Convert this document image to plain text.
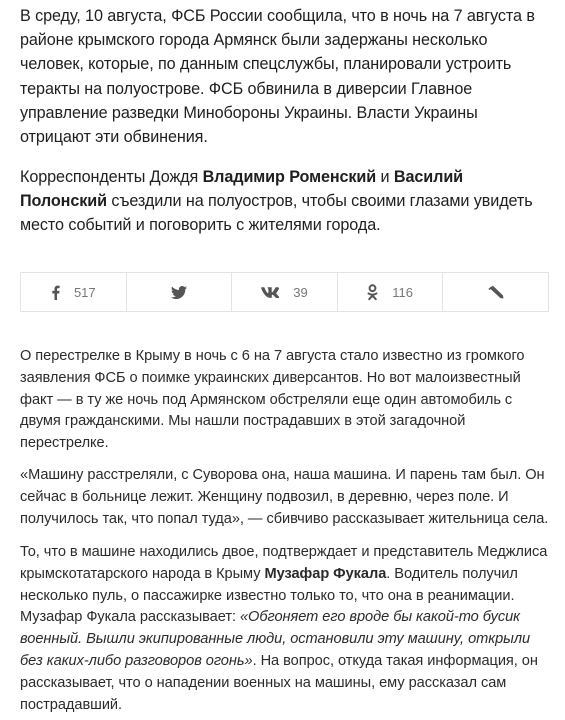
В среду, 10 августа, ФСБ России сообщила, что в ночь на 7 августа в районе крымского города Армянск были задержаны несколько человек, которые, по данным спецслужбы, планировали устроить теракты на полуострове. ФСБ обвинила в диверсии Главное управление разведки Минобороны Украины. Власти Украины отрицают эти обвинения.

Корреспонденты Дождя Владимир Роменский и Василий Полонский съездили на полуостров, чтобы своими глазами увидеть место событий и поговорить с жителями города.

517	39	116

О перестрелке в Крыму в ночь с 6 на 7 августа стало известно из громкого заявления ФСБ о поимке украинских диверсантов. Но вот малоизвестный факт — в ту же ночь под Армянском обстреляли еще один автомобиль с двумя гражданскими. Мы нашли пострадавших в этой загадочной перестрелке.

«Машину расстреляли, с Суворова она, наша машина. И парень там был. Он сейчас в больнице лежит. Женщину подвозил, в деревню, через поле. И получилось так, что попал туда», — сбивчиво рассказывает жительница села.

То, что в машине находились двое, подтверждает и представитель Меджлиса крымскотатарского народа в Крыму Музафар Фукала. Водитель получил несколько пуль, о пассажирке известно только то, что она в реанимации. Музафар Фукала рассказывает: «Обгоняет его вроде бы какой-то бусик военный. Вышли экипированные люди, остановили эту машину, открыли без каких-либо разговоров огонь». На вопрос, откуда такая информация, он рассказывает, что о нападении военных на машины, ему рассказал сам пострадавший.
